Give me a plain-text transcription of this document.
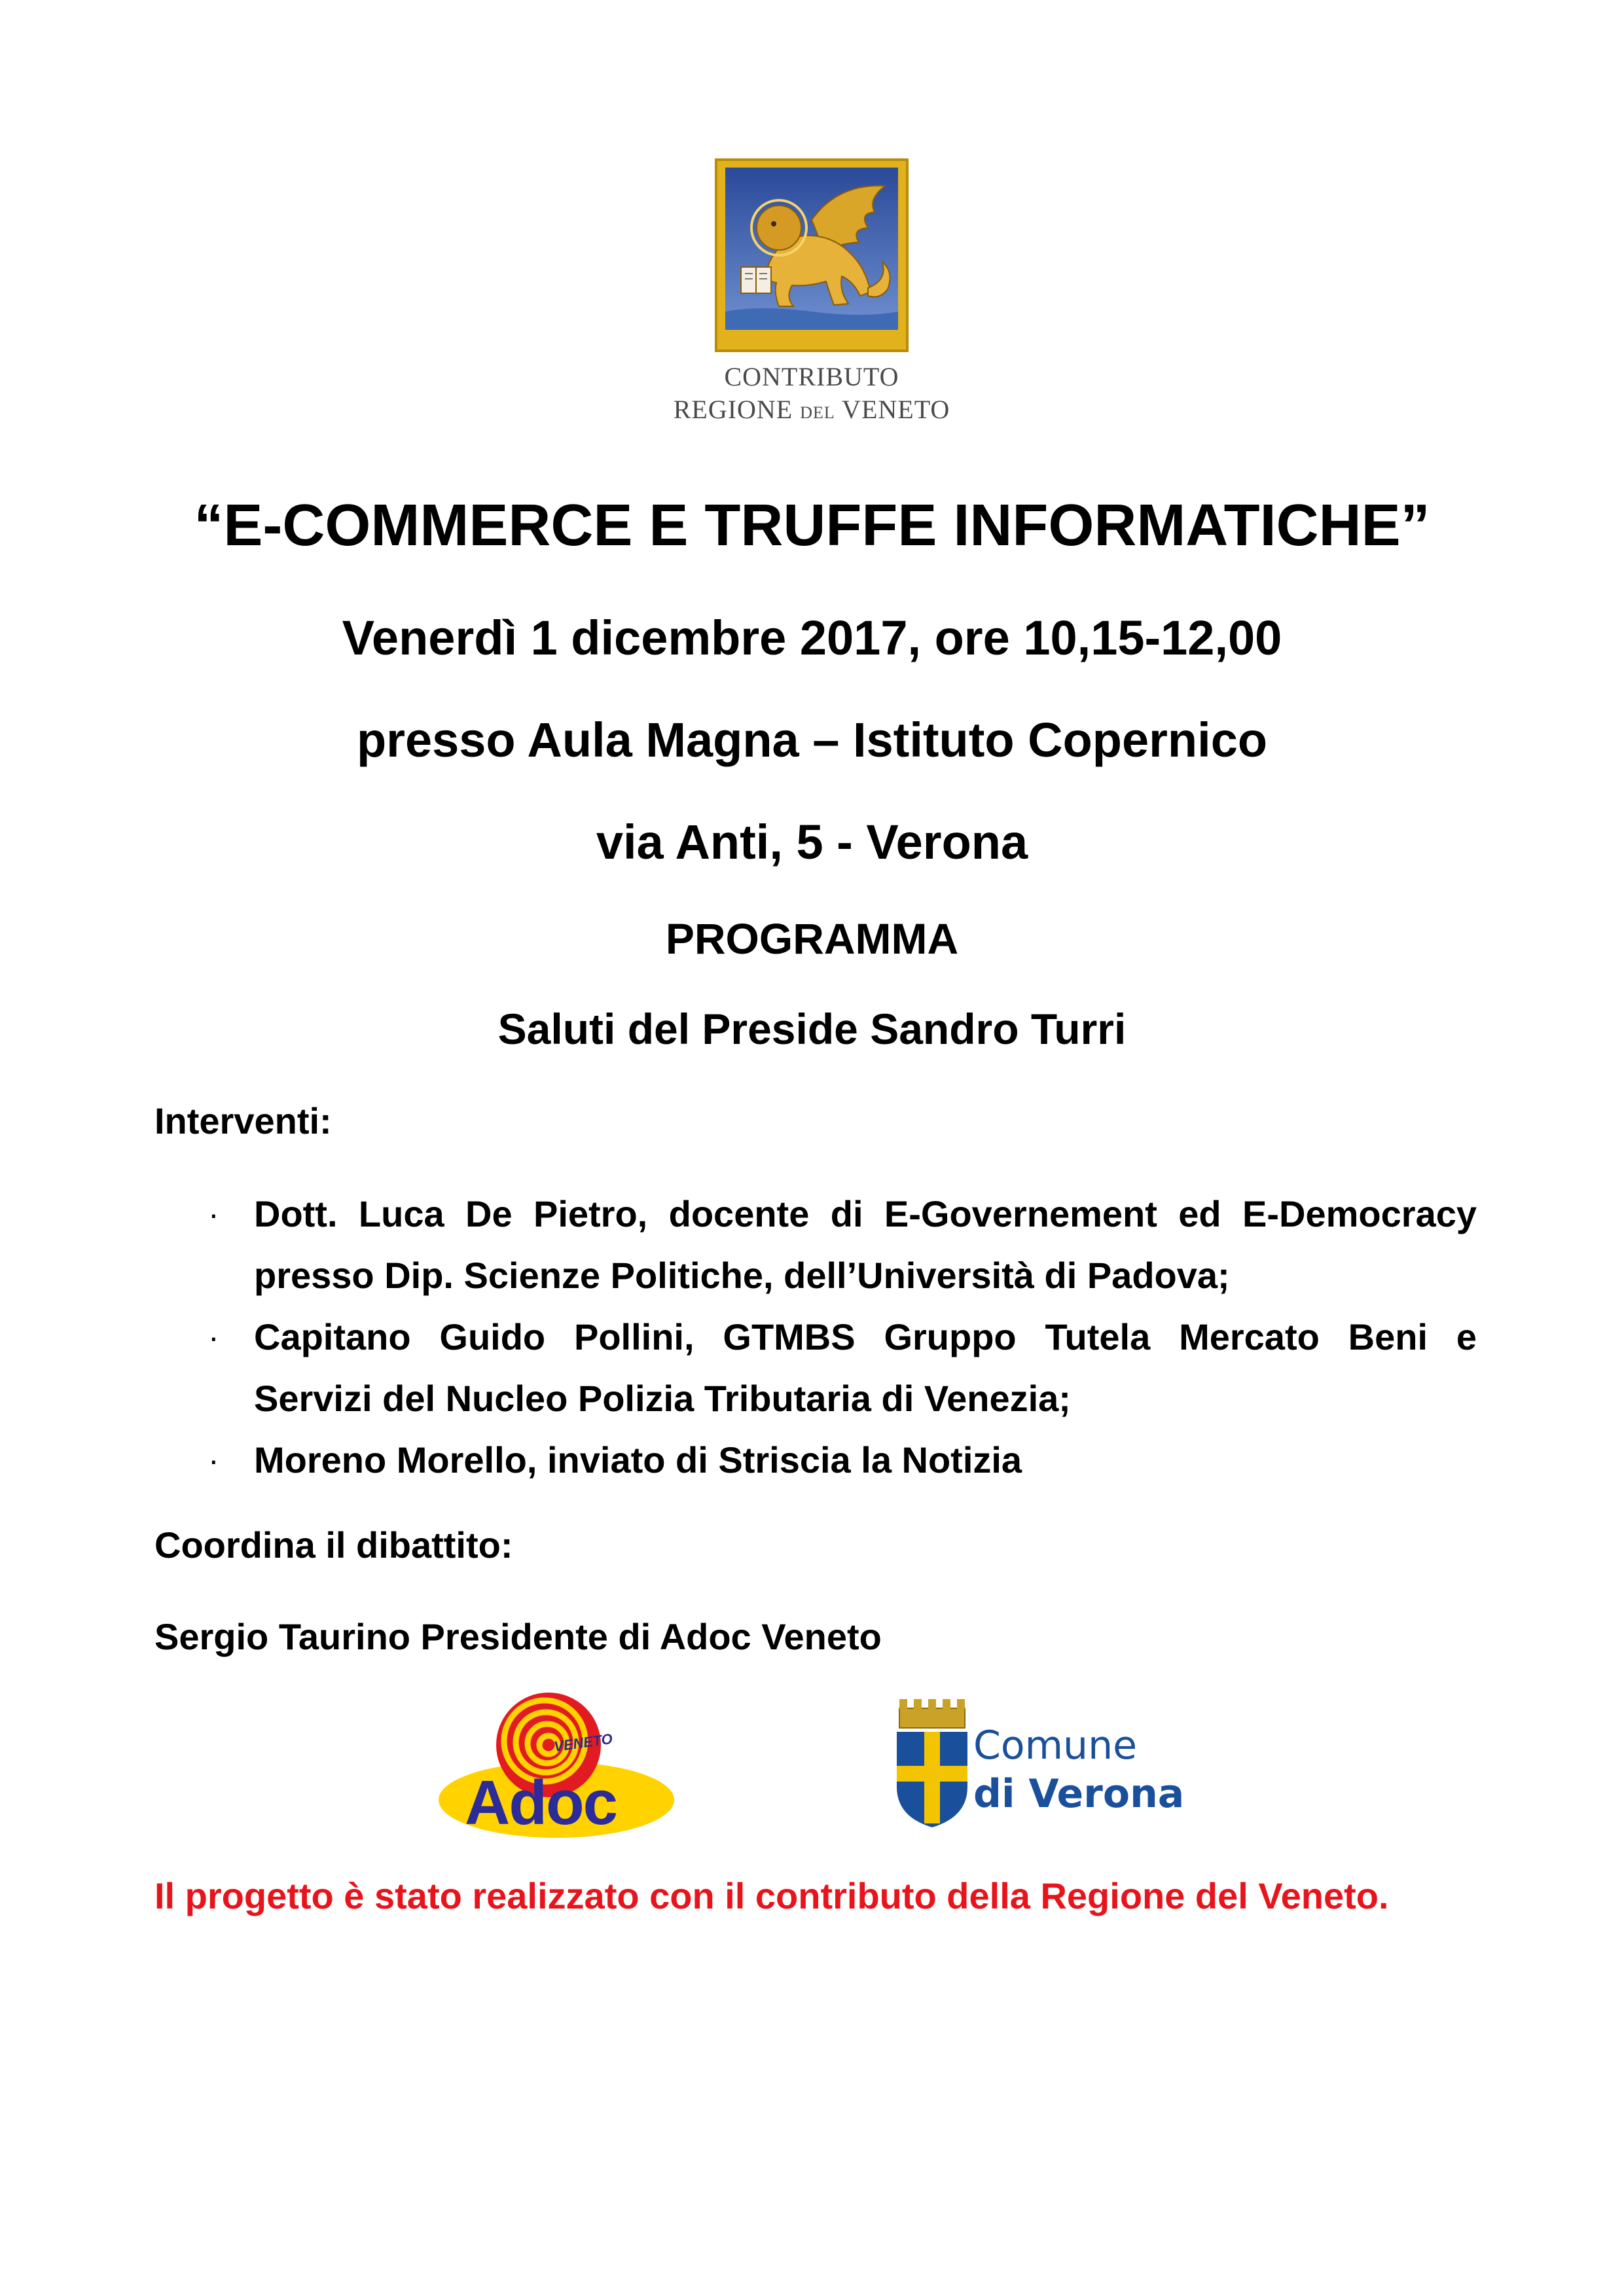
CONTRIBUTO
REGIONE DEL VENETO
“E-COMMERCE E TRUFFE INFORMATICHE”
Venerdì 1 dicembre 2017, ore 10,15-12,00
presso Aula Magna – Istituto Copernico
via Anti, 5 - Verona
PROGRAMMA
Saluti del Preside Sandro Turri
Interventi:
· Dott. Luca De Pietro, docente di E-Governement ed E-Democracy
presso Dip. Scienze Politiche, dell’Università di Padova;
· Capitano Guido Pollini, GTMBS Gruppo Tutela Mercato Beni e
Servizi del Nucleo Polizia Tributaria di Venezia;
· Moreno Morello, inviato di Striscia la Notizia
Coordina il dibattito:
Sergio Taurino Presidente di Adoc Veneto
VENETO
Adoc
Comune
di Verona
Il progetto è stato realizzato con il contributo della Regione del Veneto.
